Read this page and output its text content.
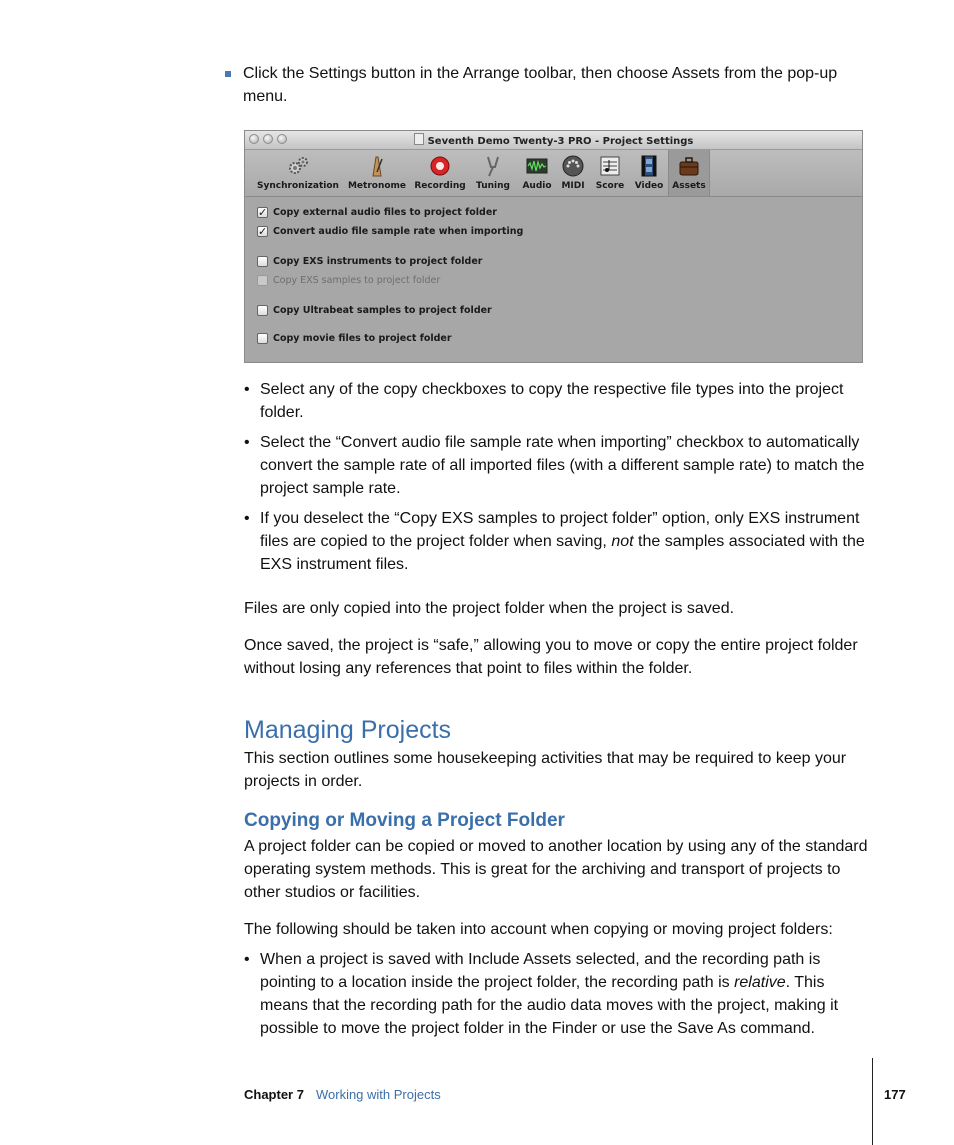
Click the Settings button in the Arrange toolbar, then choose Assets from the pop-up menu.
Seventh Demo Twenty-3 PRO - Project Settings
Synchronization	Metronome Recording	Tuning	Audio	MIDI	Score	Video Assets
✓ Copy external audio files to project folder
✓ Convert audio file sample rate when importing
Copy EXS instruments to project folder
Copy EXS samples to project folder
Copy Ultrabeat samples to project folder
Copy movie files to project folder
• Select any of the copy checkboxes to copy the respective file types into the project folder.
• Select the “Convert audio file sample rate when importing” checkbox to automatically convert the sample rate of all imported files (with a different sample rate) to match the project sample rate.
• If you deselect the “Copy EXS samples to project folder” option, only EXS instrument files are copied to the project folder when saving, not the samples associated with the EXS instrument files.
Files are only copied into the project folder when the project is saved.
Once saved, the project is “safe,” allowing you to move or copy the entire project folder without losing any references that point to files within the folder.
Managing Projects
This section outlines some housekeeping activities that may be required to keep your projects in order.
Copying or Moving a Project Folder
A project folder can be copied or moved to another location by using any of the standard operating system methods. This is great for the archiving and transport of projects to other studios or facilities.
The following should be taken into account when copying or moving project folders:
• When a project is saved with Include Assets selected, and the recording path is pointing to a location inside the project folder, the recording path is relative. This means that the recording path for the audio data moves with the project, making it possible to move the project folder in the Finder or use the Save As command.
Chapter 7 Working with Projects	177
